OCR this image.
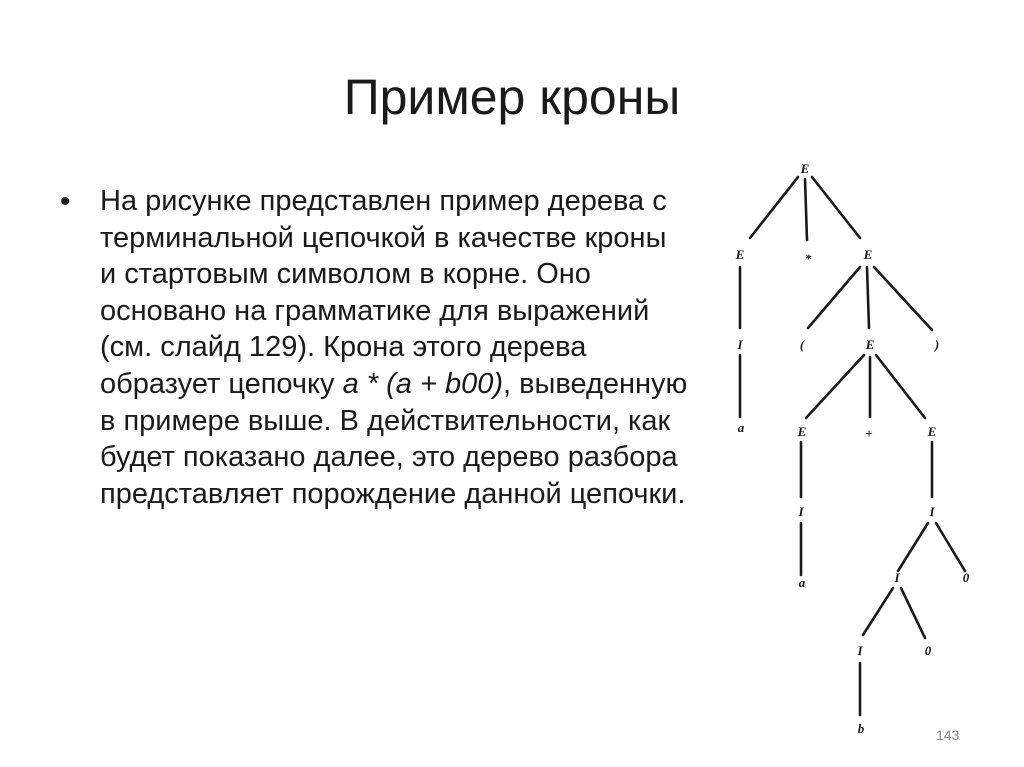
Пример кроны
• На рисунке представлен пример дерева с терминальной цепочкой в качестве кроны и стартовым символом в корне. Оно основано на грамматике для выражений (см. слайд 129). Крона этого дерева образует цепочку a * (a + b00), выведенную в примере выше. В действительности, как будет показано далее, это дерево разбора представляет порождение данной цепочки.
E
E	*	E
I	(	E	)
a	E	+	E
I	I
a	I	0
I	0
b	143
